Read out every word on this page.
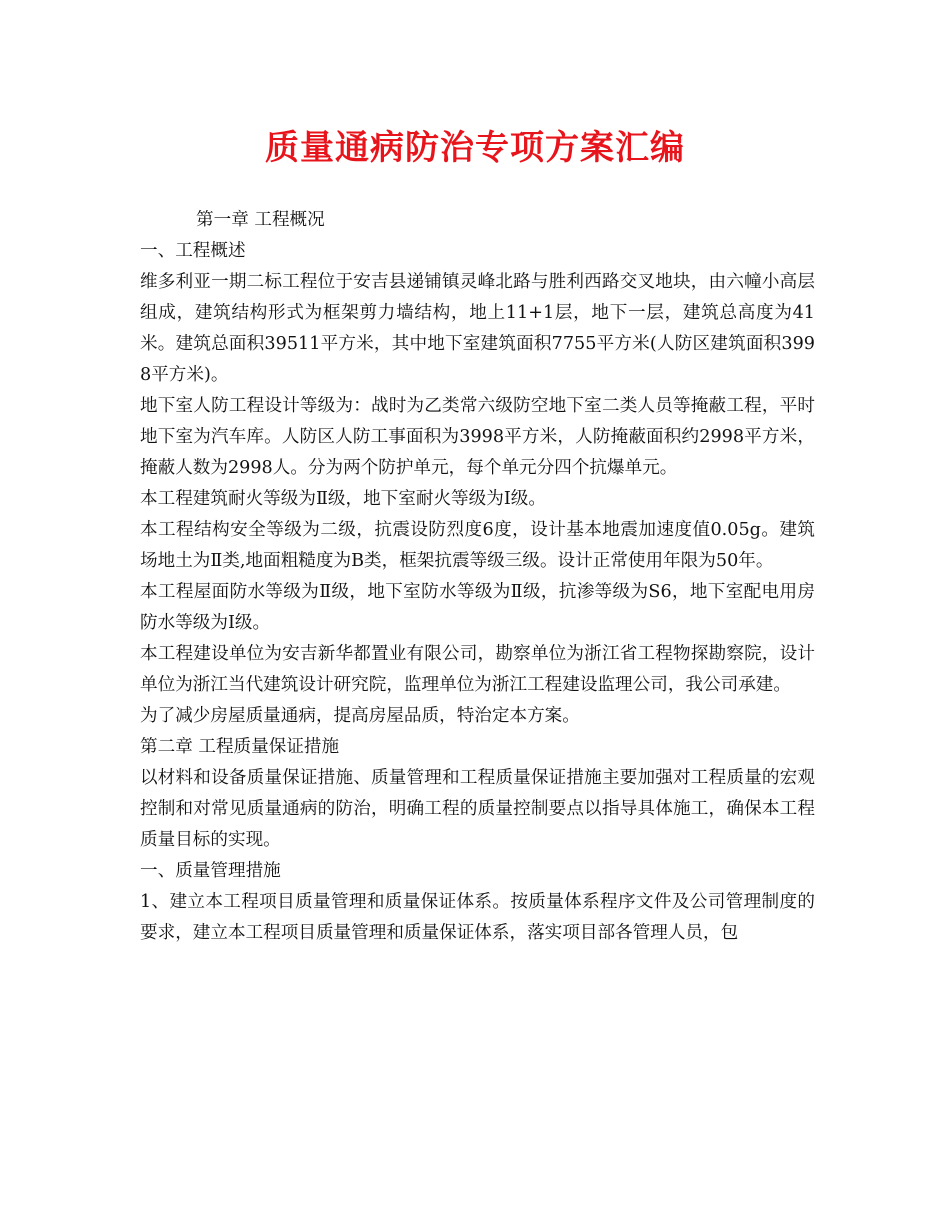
质量通病防治专项方案汇编

第一章 工程概况

一、工程概述

维多利亚一期二标工程位于安吉县递铺镇灵峰北路与胜利西路交叉地块，由六幢小高层组成，建筑结构形式为框架剪力墙结构，地上11+1层，地下一层，建筑总高度为41米。建筑总面积39511平方米，其中地下室建筑面积7755平方米(人防区建筑面积3998平方米)。

地下室人防工程设计等级为：战时为乙类常六级防空地下室二类人员等掩蔽工程，平时地下室为汽车库。人防区人防工事面积为3998平方米，人防掩蔽面积约2998平方米，掩蔽人数为2998人。分为两个防护单元，每个单元分四个抗爆单元。

本工程建筑耐火等级为Ⅱ级，地下室耐火等级为Ⅰ级。

本工程结构安全等级为二级，抗震设防烈度6度，设计基本地震加速度值0.05g。建筑场地土为Ⅱ类,地面粗糙度为B类，框架抗震等级三级。设计正常使用年限为50年。

本工程屋面防水等级为Ⅱ级，地下室防水等级为Ⅱ级，抗渗等级为S6，地下室配电用房防水等级为Ⅰ级。

本工程建设单位为安吉新华都置业有限公司，勘察单位为浙江省工程物探勘察院，设计单位为浙江当代建筑设计研究院，监理单位为浙江工程建设监理公司，我公司承建。

为了减少房屋质量通病，提高房屋品质，特治定本方案。

第二章 工程质量保证措施

以材料和设备质量保证措施、质量管理和工程质量保证措施主要加强对工程质量的宏观控制和对常见质量通病的防治，明确工程的质量控制要点以指导具体施工，确保本工程质量目标的实现。

一、质量管理措施

1、建立本工程项目质量管理和质量保证体系。按质量体系程序文件及公司管理制度的要求，建立本工程项目质量管理和质量保证体系，落实项目部各管理人员，包
